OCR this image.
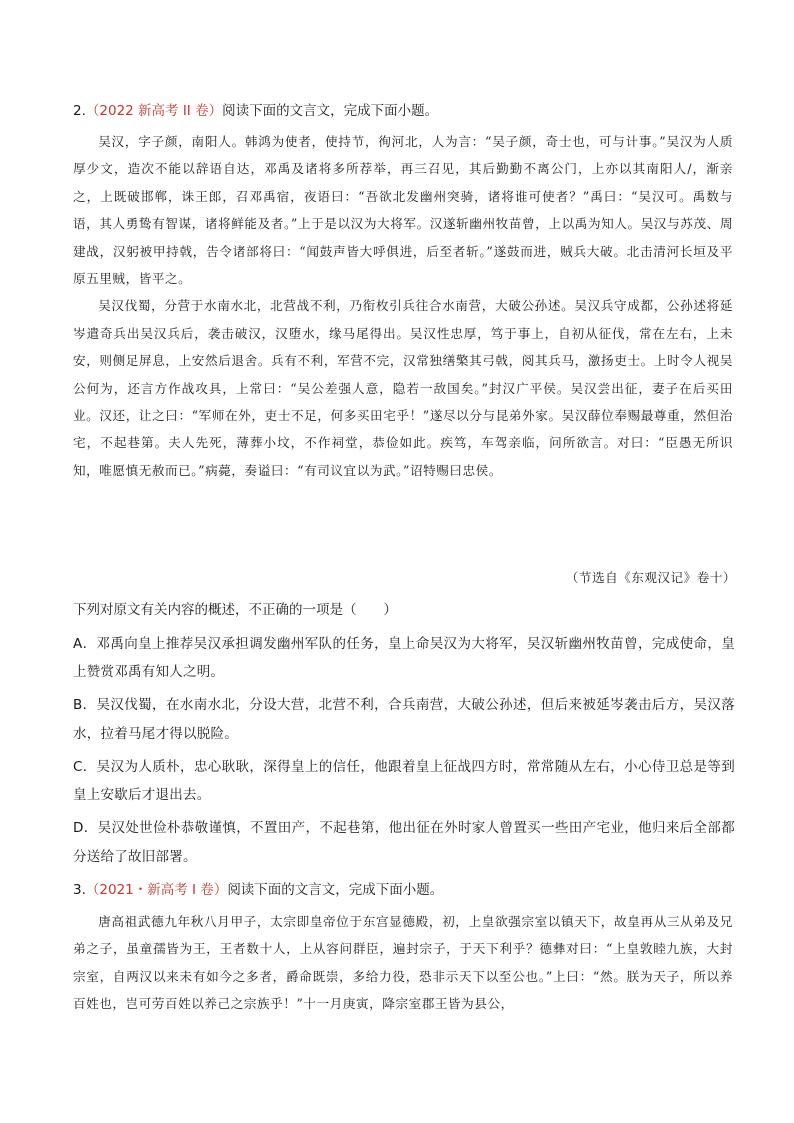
2.（2022 新高考 II 卷）阅读下面的文言文，完成下面小题。

吴汉，字子颜，南阳人。韩鸿为使者，使持节，徇河北，人为言：“吴子颜，奇士也，可与计事。”吴汉为人质厚少文，造次不能以辞语自达，邓禹及诸将多所荐举，再三召见，其后勤勤不离公门，上亦以其南阳人/，渐亲之，上既破邯郸，诛王郎，召邓禹宿，夜语曰：“吾欲北发幽州突骑，诸将谁可使者？”禹曰：“吴汉可。禹数与语，其人勇鸷有智谋，诸将鲜能及者。”上于是以汉为大将军。汉遂斩幽州牧苗曾，上以禹为知人。吴汉与苏茂、周建战，汉躬被甲持戟，告令诸部将曰：“闻鼓声皆大呼俱进，后至者斩。”遂鼓而进，贼兵大破。北击清河长垣及平原五里贼，皆平之。

吴汉伐蜀，分营于水南水北，北营战不利，乃衔枚引兵往合水南营，大破公孙述。吴汉兵守成都，公孙述将延岑遣奇兵出吴汉兵后，袭击破汉，汉堕水，缘马尾得出。吴汉性忠厚，笃于事上，自初从征伐，常在左右，上未安，则侧足屏息，上安然后退舍。兵有不利，军营不完，汉常独缮檠其弓戟，阅其兵马，激扬吏士。上时令人视吴公何为，还言方作战攻具，上常曰：“吴公差强人意，隐若一敌国矣。”封汉广平侯。吴汉尝出征，妻子在后买田业。汉还，让之曰：“军师在外，吏士不足，何多买田宅乎！”遂尽以分与昆弟外家。吴汉薛位奉赐最尊重，然但治宅，不起巷第。夫人先死，薄葬小坟，不作祠堂，恭俭如此。疾笃，车驾亲临，问所欲言。对曰：“臣愚无所识知，唯愿慎无赦而已。”病薨，奏谥曰：“有司议宜以为武。”诏特赐曰忠侯。

（节选自《东观汉记》卷十）
下列对原文有关内容的概述，不正确的一项是（　　）

A．邓禹向皇上推荐吴汉承担调发幽州军队的任务，皇上命吴汉为大将军，吴汉斩幽州牧苗曾，完成使命，皇上赞赏邓禹有知人之明。

B．吴汉伐蜀，在水南水北，分设大营，北营不利，合兵南营，大破公孙述，但后来被延岑袭击后方，吴汉落水，拉着马尾才得以脱险。

C．吴汉为人质朴，忠心耿耿，深得皇上的信任，他跟着皇上征战四方时，常常随从左右，小心侍卫总是等到皇上安歇后才退出去。

D．吴汉处世俭朴恭敬谨慎，不置田产，不起巷第，他出征在外时家人曾置买一些田产宅业，他归来后全部都分送给了故旧部署。

3.（2021・新高考 I 卷）阅读下面的文言文，完成下面小题。

唐高祖武德九年秋八月甲子，太宗即皇帝位于东宫显德殿，初，上皇欲强宗室以镇天下，故皇再从三从弟及兄弟之子，虽童孺皆为王，王者数十人，上从容问群臣，遍封宗子，于天下利乎？德彝对曰：“上皇敦睦九族，大封宗室，自两汉以来未有如今之多者，爵命既崇，多给力役，恐非示天下以至公也。”上曰：“然。朕为天子，所以养百姓也，岂可劳百姓以养己之宗族乎！”十一月庚寅，降宗室郡王皆为县公，
